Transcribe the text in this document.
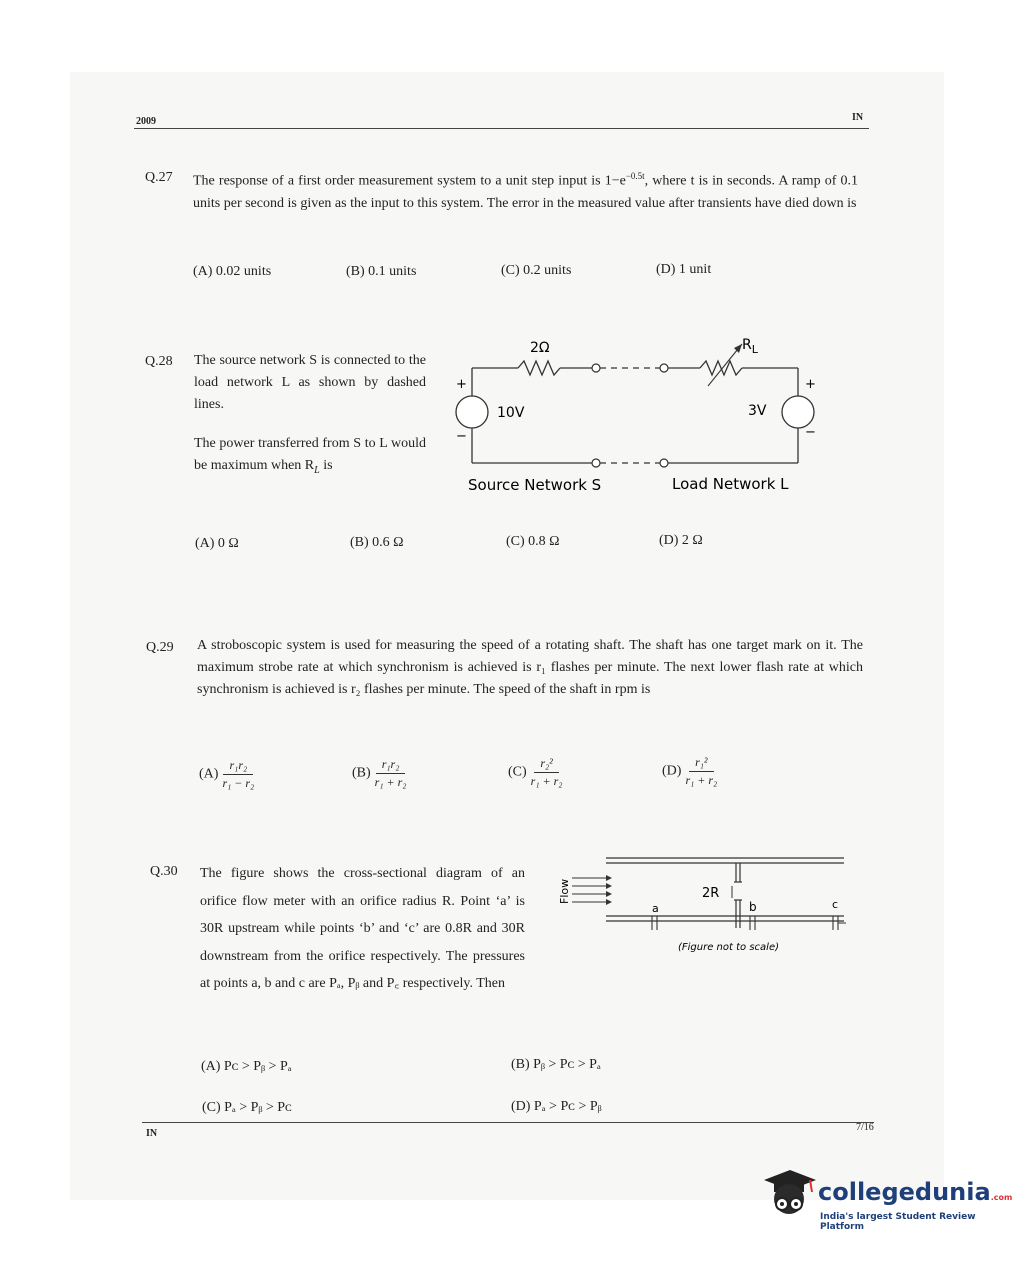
2009	IN
Q.27 The response of a first order measurement system to a unit step input is $1-e^{-0.5t}$, where t is in seconds. A ramp of 0.1 units per second is given as the input to this system. The error in the measured value after transients have died down is
(A) 0.02 units	(B) 0.1 units	(C) 0.2 units	(D) 1 unit
Q.28 The source network S is connected to the load network L as shown by dashed lines.
The power transferred from S to L would be maximum when $R_L$ is
2Ω	$R_L$
10V	3V
+
−
+
−
Source Network S	Load Network L
(A) 0 Ω	(B) 0.6 Ω	(C) 0.8 Ω	(D) 2 Ω
Q.29 A stroboscopic system is used for measuring the speed of a rotating shaft. The shaft has one target mark on it. The maximum strobe rate at which synchronism is achieved is r₁ flashes per minute. The next lower flash rate at which synchronism is achieved is r₂ flashes per minute. The speed of the shaft in rpm is
$(A) \frac{\text{r₁r₂}}{\text{r₁ − r₂}}$	$(B) \frac{\text{r₁r₂}}{\text{r₁ + r₂}}$	$(C) \frac{\text{r₂²}}{\text{r₁ + r₂}}$	$(D) \frac{\text{r₁²}}{\text{r₁ + r₂}}$
Q.30 The figure shows the cross-sectional diagram of an orifice flow meter with an orifice radius R. Point ‘a’ is 30R upstream while points ‘b’ and ‘c’ are 0.8R and 30R downstream from the orifice respectively. The pressures at points a, b and c are Pₐ, Pᵦ and P꜀ respectively. Then
Flow	2R
a	b	c
(Figure not to scale)
(A) Pᴄ > Pᵦ > Pₐ	(B) Pᵦ > Pᴄ > Pₐ
(C) Pₐ > Pᵦ > Pᴄ	(D) Pₐ > Pᴄ > Pᵦ
IN
7/16
collegedunia.com
India's largest Student Review Platform
